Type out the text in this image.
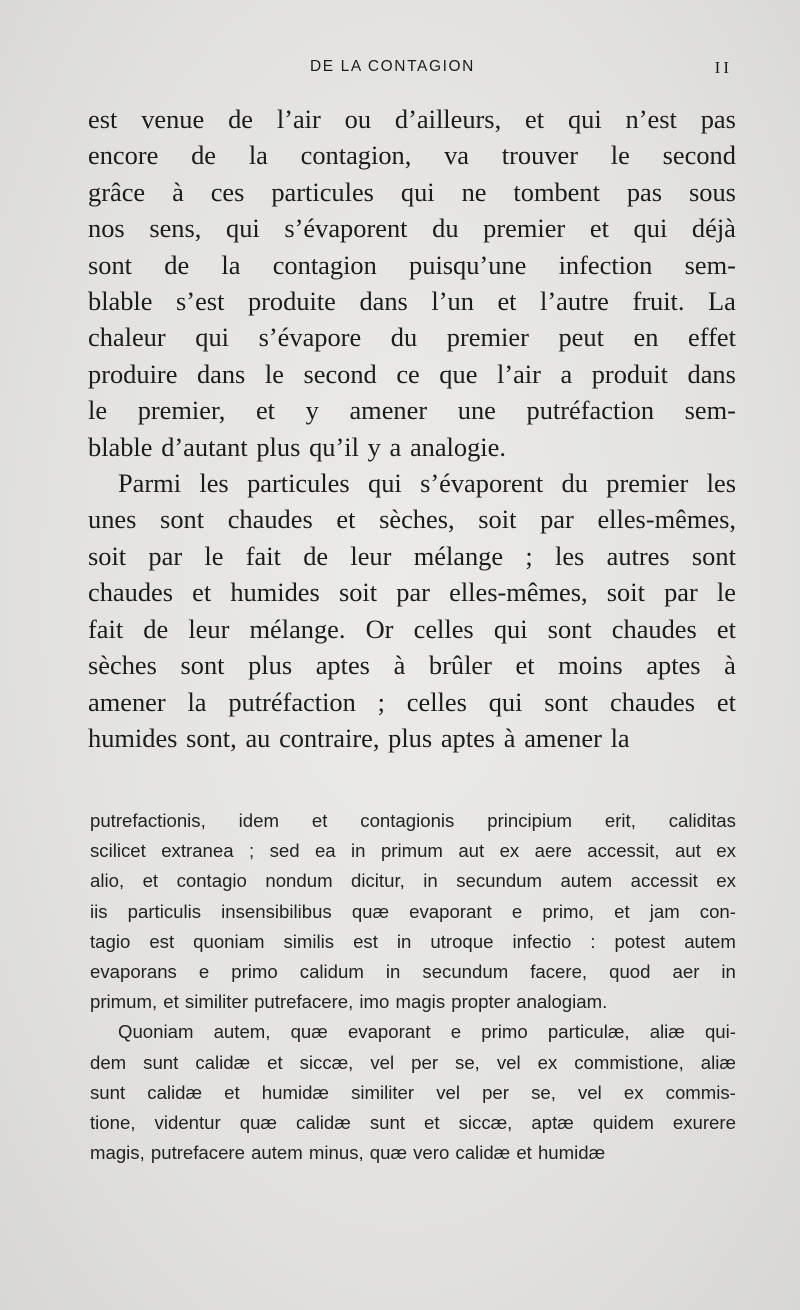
DE LA CONTAGION	II
est venue de l’air ou d’ailleurs, et qui n’est pas
encore de la contagion, va trouver le second
grâce à ces particules qui ne tombent pas sous
nos sens, qui s’évaporent du premier et qui déjà
sont de la contagion puisqu’une infection sem-
blable s’est produite dans l’un et l’autre fruit. La
chaleur qui s’évapore du premier peut en effet
produire dans le second ce que l’air a produit dans
le premier, et y amener une putréfaction sem-
blable d’autant plus qu’il y a analogie.
Parmi les particules qui s’évaporent du premier les
unes sont chaudes et sèches, soit par elles-mêmes,
soit par le fait de leur mélange ; les autres sont
chaudes et humides soit par elles-mêmes, soit par le
fait de leur mélange. Or celles qui sont chaudes et
sèches sont plus aptes à brûler et moins aptes à
amener la putréfaction ; celles qui sont chaudes et
humides sont, au contraire, plus aptes à amener la
putrefactionis, idem et contagionis principium erit, caliditas
scilicet extranea ; sed ea in primum aut ex aere accessit, aut ex
alio, et contagio nondum dicitur, in secundum autem accessit ex
iis particulis insensibilibus quæ evaporant e primo, et jam con-
tagio est quoniam similis est in utroque infectio : potest autem
evaporans e primo calidum in secundum facere, quod aer in
primum, et similiter putrefacere, imo magis propter analogiam.
Quoniam autem, quæ evaporant e primo particulæ, aliæ qui-
dem sunt calidæ et siccæ, vel per se, vel ex commistione, aliæ
sunt calidæ et humidæ similiter vel per se, vel ex commis-
tione, videntur quæ calidæ sunt et siccæ, aptæ quidem exurere
magis, putrefacere autem minus, quæ vero calidæ et humidæ
